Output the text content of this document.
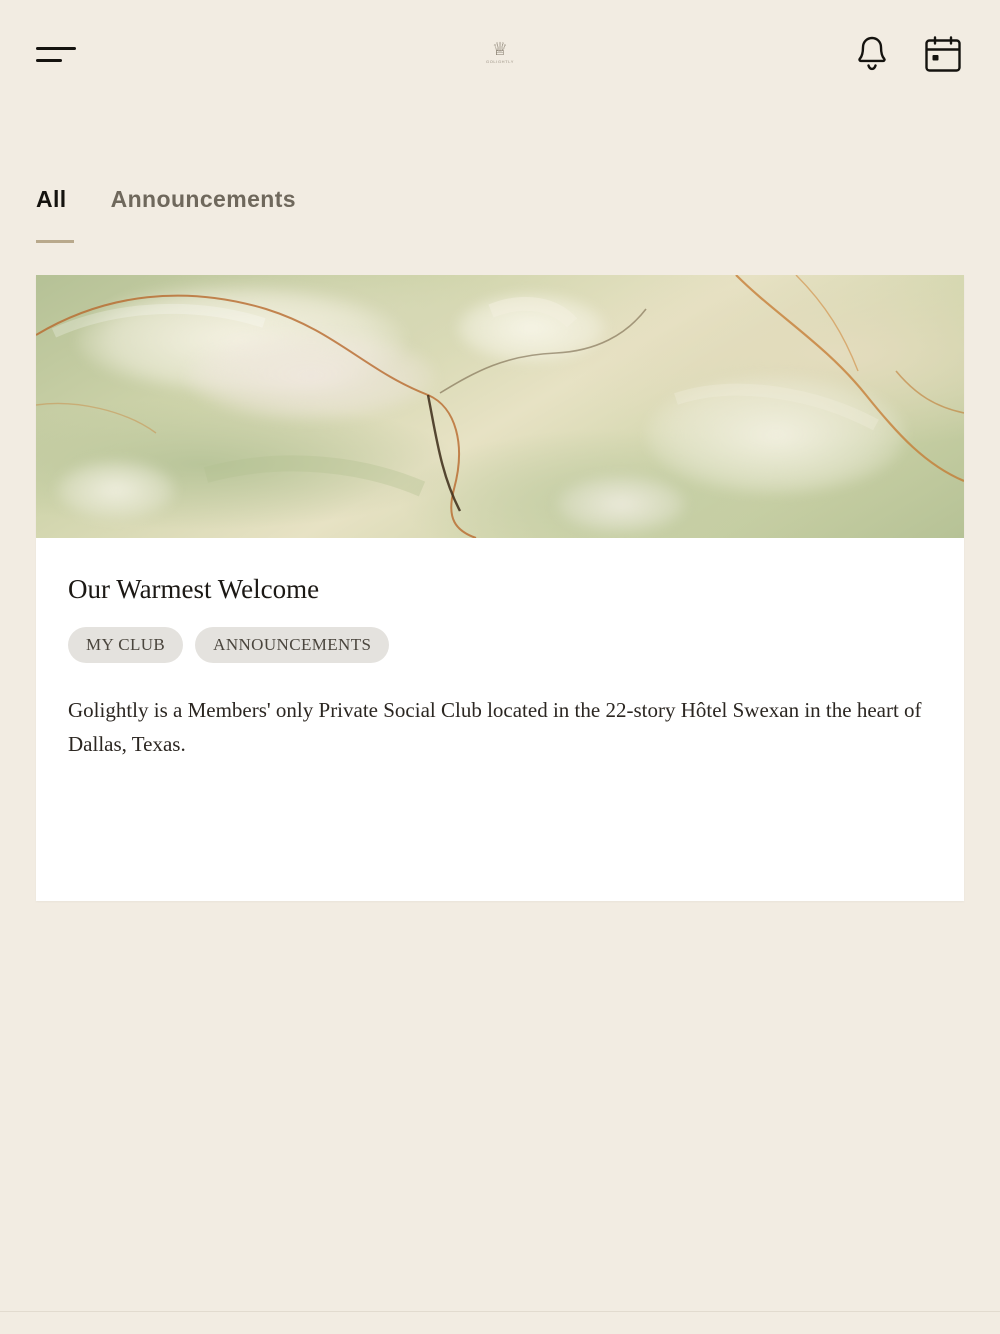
♕
GOLIGHTLY
All Announcements
Our Warmest Welcome
MY CLUB	ANNOUNCEMENTS

Golightly is a Members' only Private Social Club located in the 22-story Hôtel Swexan in the heart of Dallas, Texas.
